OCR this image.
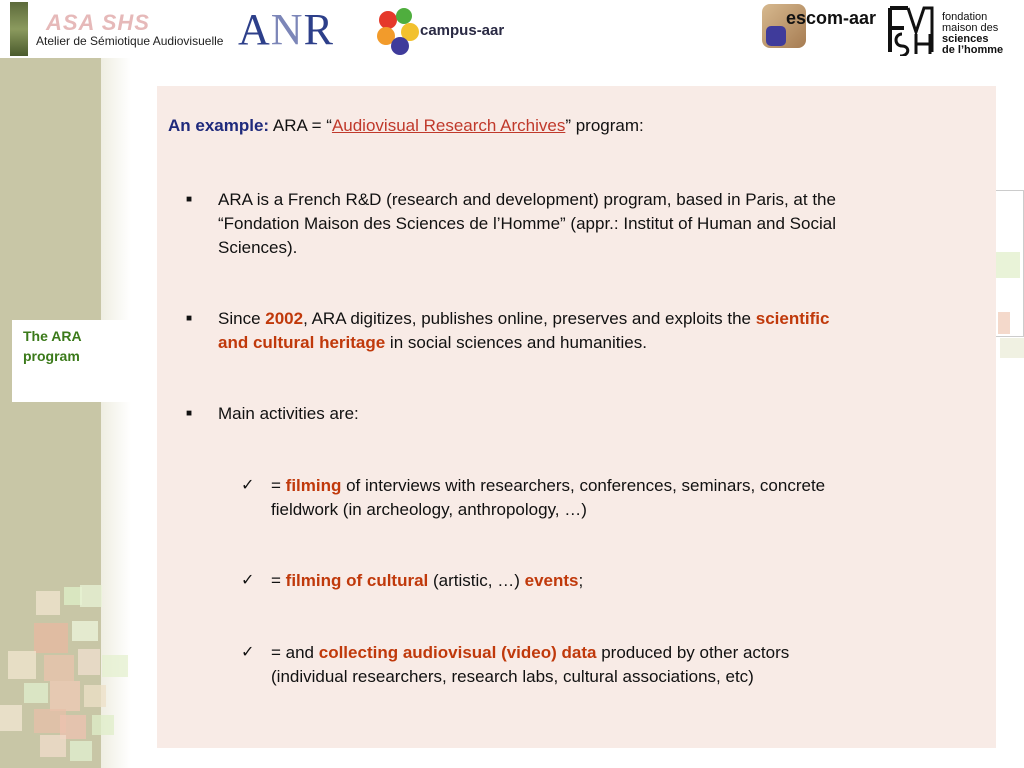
The ARA program
ASA SHS
Atelier de Sémiotique Audiovisuelle ANR	campus-aar
escom-aar	fondation
maison des
sciences
de l’homme
An example: ARA = “Audiovisual Research Archives” program:
■ ARA is a French R&D (research and development) program, based in Paris, at the
“Fondation Maison des Sciences de l’Homme” (appr.: Institut of Human and Social
Sciences).
■ Since 2002, ARA digitizes, publishes online, preserves and exploits the scientific
and cultural heritage in social sciences and humanities.
■ Main activities are:
✓ = filming of interviews with researchers, conferences, seminars, concrete
fieldwork (in archeology, anthropology, …)
✓ = filming of cultural (artistic, …) events;
✓ = and collecting audiovisual (video) data produced by other actors
(individual researchers, research labs, cultural associations, etc)
